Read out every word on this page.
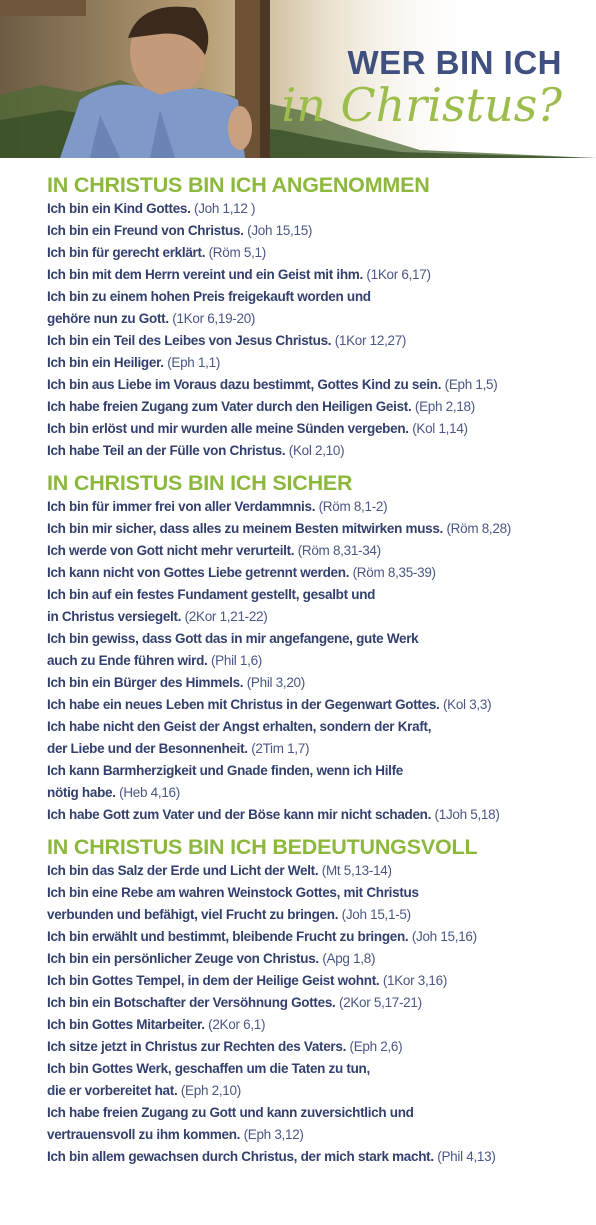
WER BIN ICH
in Christus?
IN CHRISTUS BIN ICH ANGENOMMEN
Ich bin ein Kind Gottes. (Joh 1,12 )
Ich bin ein Freund von Christus. (Joh 15,15)
Ich bin für gerecht erklärt. (Röm 5,1)
Ich bin mit dem Herrn vereint und ein Geist mit ihm. (1Kor 6,17)
Ich bin zu einem hohen Preis freigekauft worden und
gehöre nun zu Gott. (1Kor 6,19-20)
Ich bin ein Teil des Leibes von Jesus Christus. (1Kor 12,27)
Ich bin ein Heiliger. (Eph 1,1)
Ich bin aus Liebe im Voraus dazu bestimmt, Gottes Kind zu sein. (Eph 1,5)
Ich habe freien Zugang zum Vater durch den Heiligen Geist. (Eph 2,18)
Ich bin erlöst und mir wurden alle meine Sünden vergeben. (Kol 1,14)
Ich habe Teil an der Fülle von Christus. (Kol 2,10)
IN CHRISTUS BIN ICH SICHER
Ich bin für immer frei von aller Verdammnis. (Röm 8,1-2)
Ich bin mir sicher, dass alles zu meinem Besten mitwirken muss. (Röm 8,28)
Ich werde von Gott nicht mehr verurteilt. (Röm 8,31-34)
Ich kann nicht von Gottes Liebe getrennt werden. (Röm 8,35-39)
Ich bin auf ein festes Fundament gestellt, gesalbt und
in Christus versiegelt. (2Kor 1,21-22)
Ich bin gewiss, dass Gott das in mir angefangene, gute Werk
auch zu Ende führen wird. (Phil 1,6)
Ich bin ein Bürger des Himmels. (Phil 3,20)
Ich habe ein neues Leben mit Christus in der Gegenwart Gottes. (Kol 3,3)
Ich habe nicht den Geist der Angst erhalten, sondern der Kraft,
der Liebe und der Besonnenheit. (2Tim 1,7)
Ich kann Barmherzigkeit und Gnade finden, wenn ich Hilfe
nötig habe. (Heb 4,16)
Ich habe Gott zum Vater und der Böse kann mir nicht schaden. (1Joh 5,18)
IN CHRISTUS BIN ICH BEDEUTUNGSVOLL
Ich bin das Salz der Erde und Licht der Welt. (Mt 5,13-14)
Ich bin eine Rebe am wahren Weinstock Gottes, mit Christus
verbunden und befähigt, viel Frucht zu bringen. (Joh 15,1-5)
Ich bin erwählt und bestimmt, bleibende Frucht zu bringen. (Joh 15,16)
Ich bin ein persönlicher Zeuge von Christus. (Apg 1,8)
Ich bin Gottes Tempel, in dem der Heilige Geist wohnt. (1Kor 3,16)
Ich bin ein Botschafter der Versöhnung Gottes. (2Kor 5,17-21)
Ich bin Gottes Mitarbeiter. (2Kor 6,1)
Ich sitze jetzt in Christus zur Rechten des Vaters. (Eph 2,6)
Ich bin Gottes Werk, geschaffen um die Taten zu tun,
die er vorbereitet hat. (Eph 2,10)
Ich habe freien Zugang zu Gott und kann zuversichtlich und
vertrauensvoll zu ihm kommen. (Eph 3,12)
Ich bin allem gewachsen durch Christus, der mich stark macht. (Phil 4,13)
